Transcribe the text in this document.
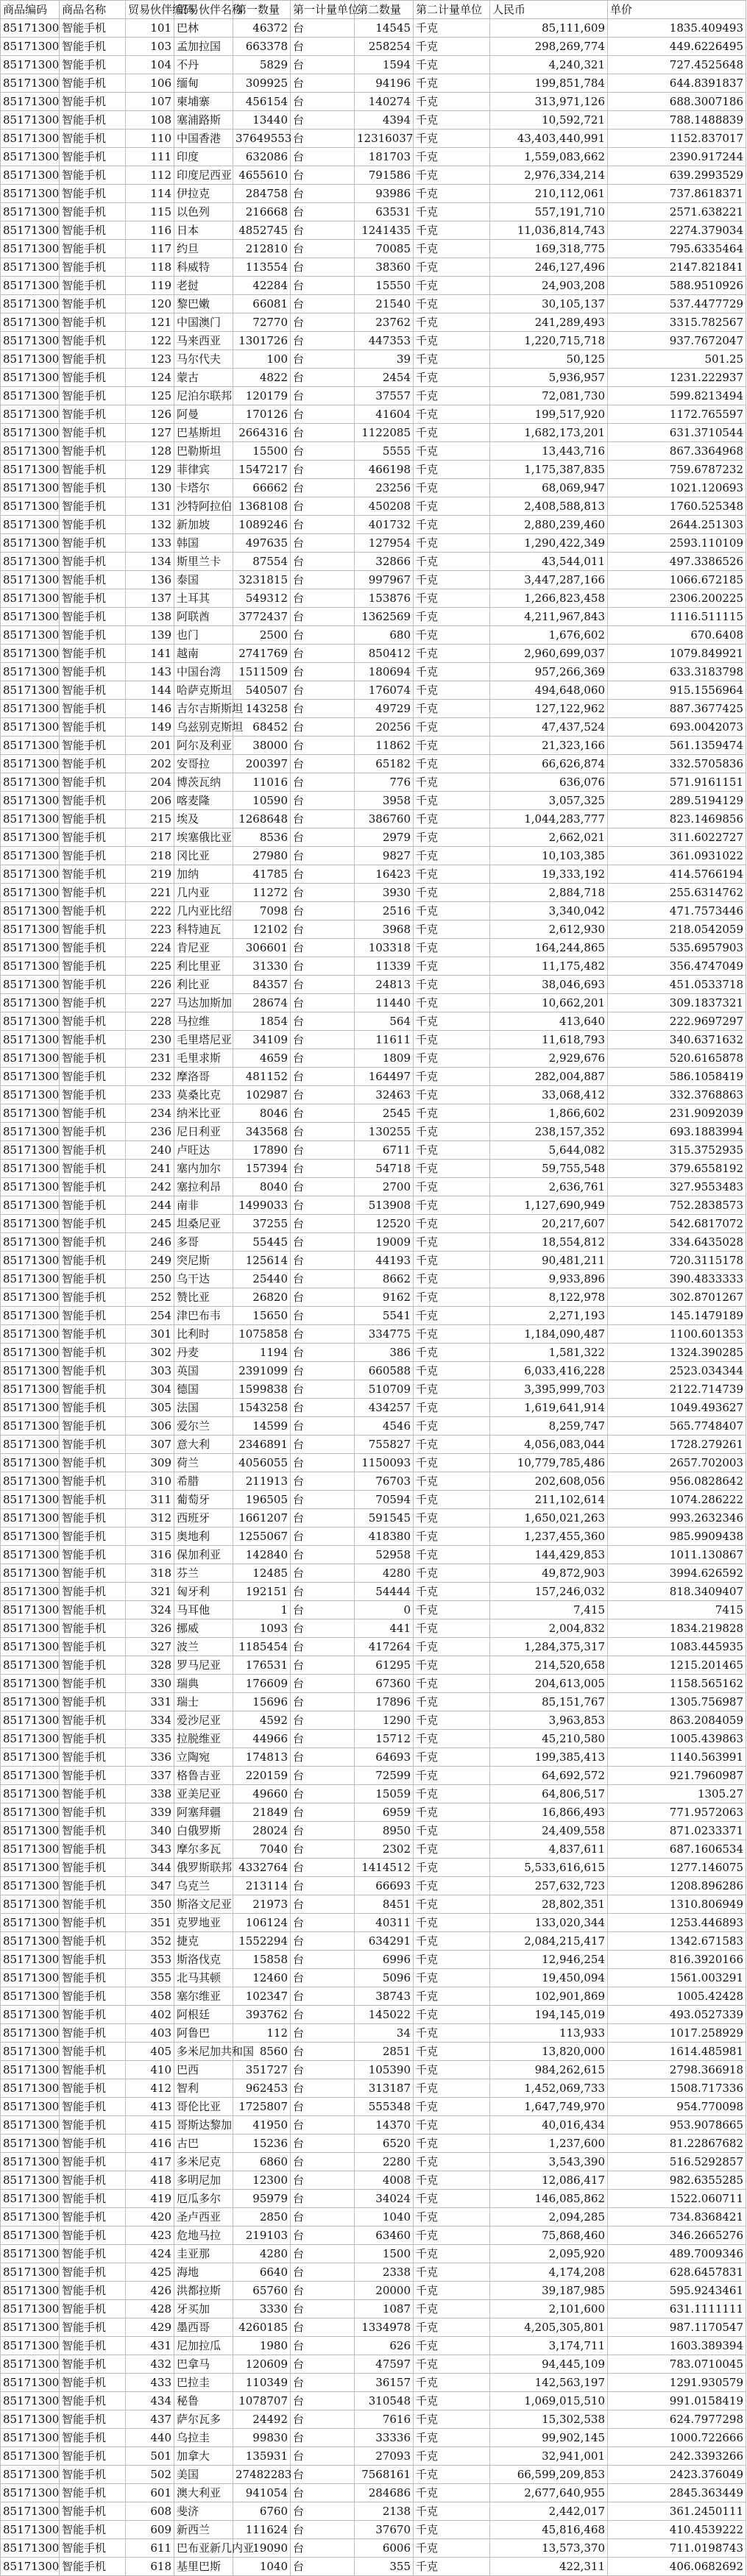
商品编码	商品名称	贸易伙伴编码	贸易伙伴名称	第一数量	第一计量单位	第二数量	第二计量单位	人民币	单价
85171300	智能手机	101	巴林	46372	台	14545	千克	85,111,609	1835.409493
85171300	智能手机	103	孟加拉国	663378	台	258254	千克	298,269,774	449.6226495
85171300	智能手机	104	不丹	5829	台	1594	千克	4,240,321	727.4525648
85171300	智能手机	106	缅甸	309925	台	94196	千克	199,851,784	644.8391837
85171300	智能手机	107	柬埔寨	456154	台	140274	千克	313,971,126	688.3007186
85171300	智能手机	108	塞浦路斯	13440	台	4394	千克	10,592,721	788.1488839
85171300	智能手机	110	中国香港	37649553	台	12316037	千克	43,403,440,991	1152.837017
85171300	智能手机	111	印度	632086	台	181703	千克	1,559,083,662	2390.917244
85171300	智能手机	112	印度尼西亚	4655610	台	791586	千克	2,976,334,214	639.2993529
85171300	智能手机	114	伊拉克	284758	台	93986	千克	210,112,061	737.8618371
85171300	智能手机	115	以色列	216668	台	63531	千克	557,191,710	2571.638221
85171300	智能手机	116	日本	4852745	台	1241435	千克	11,036,814,743	2274.379034
85171300	智能手机	117	约旦	212810	台	70085	千克	169,318,775	795.6335464
85171300	智能手机	118	科威特	113554	台	38360	千克	246,127,496	2147.821841
85171300	智能手机	119	老挝	42284	台	15550	千克	24,903,208	588.9510926
85171300	智能手机	120	黎巴嫩	66081	台	21540	千克	30,105,137	537.4477729
85171300	智能手机	121	中国澳门	72770	台	23762	千克	241,289,493	3315.782567
85171300	智能手机	122	马来西亚	1301726	台	447353	千克	1,220,715,718	937.7672047
85171300	智能手机	123	马尔代夫	100	台	39	千克	50,125	501.25
85171300	智能手机	124	蒙古	4822	台	2454	千克	5,936,957	1231.222937
85171300	智能手机	125	尼泊尔联邦	120179	台	37557	千克	72,081,730	599.8213494
85171300	智能手机	126	阿曼	170126	台	41604	千克	199,517,920	1172.765597
85171300	智能手机	127	巴基斯坦	2664316	台	1122085	千克	1,682,173,201	631.3710544
85171300	智能手机	128	巴勒斯坦	15500	台	5555	千克	13,443,716	867.3364968
85171300	智能手机	129	菲律宾	1547217	台	466198	千克	1,175,387,835	759.6787232
85171300	智能手机	130	卡塔尔	66662	台	23256	千克	68,069,947	1021.120693
85171300	智能手机	131	沙特阿拉伯	1368108	台	450208	千克	2,408,588,813	1760.525348
85171300	智能手机	132	新加坡	1089246	台	401732	千克	2,880,239,460	2644.251303
85171300	智能手机	133	韩国	497635	台	127954	千克	1,290,422,349	2593.110109
85171300	智能手机	134	斯里兰卡	87554	台	32866	千克	43,544,011	497.3386526
85171300	智能手机	136	泰国	3231815	台	997967	千克	3,447,287,166	1066.672185
85171300	智能手机	137	土耳其	549312	台	153876	千克	1,266,823,458	2306.200225
85171300	智能手机	138	阿联酋	3772437	台	1362569	千克	4,211,967,843	1116.511115
85171300	智能手机	139	也门	2500	台	680	千克	1,676,602	670.6408
85171300	智能手机	141	越南	2741769	台	850412	千克	2,960,699,037	1079.849921
85171300	智能手机	143	中国台湾	1511509	台	180694	千克	957,266,369	633.3183798
85171300	智能手机	144	哈萨克斯坦	540507	台	176074	千克	494,648,060	915.1556964
85171300	智能手机	146	吉尔吉斯斯坦	143258	台	49729	千克	127,122,962	887.3677425
85171300	智能手机	149	乌兹别克斯坦	68452	台	20256	千克	47,437,524	693.0042073
85171300	智能手机	201	阿尔及利亚	38000	台	11862	千克	21,323,166	561.1359474
85171300	智能手机	202	安哥拉	200397	台	65182	千克	66,626,874	332.5705836
85171300	智能手机	204	博茨瓦纳	11016	台	776	千克	636,076	571.9161151
85171300	智能手机	206	喀麦隆	10590	台	3958	千克	3,057,325	289.5194129
85171300	智能手机	215	埃及	1268648	台	386760	千克	1,044,283,777	823.1469856
85171300	智能手机	217	埃塞俄比亚	8536	台	2979	千克	2,662,021	311.6022727
85171300	智能手机	218	冈比亚	27980	台	9827	千克	10,103,385	361.0931022
85171300	智能手机	219	加纳	41785	台	16423	千克	19,333,192	414.5766194
85171300	智能手机	221	几内亚	11272	台	3930	千克	2,884,718	255.6314762
85171300	智能手机	222	几内亚比绍	7098	台	2516	千克	3,340,042	471.7573446
85171300	智能手机	223	科特迪瓦	12102	台	3968	千克	2,612,930	218.0542059
85171300	智能手机	224	肯尼亚	306601	台	103318	千克	164,244,865	535.6957903
85171300	智能手机	225	利比里亚	31330	台	11339	千克	11,175,482	356.4747049
85171300	智能手机	226	利比亚	84357	台	24813	千克	38,046,693	451.0533718
85171300	智能手机	227	马达加斯加	28674	台	11440	千克	10,662,201	309.1837321
85171300	智能手机	228	马拉维	1854	台	564	千克	413,640	222.9697297
85171300	智能手机	230	毛里塔尼亚	34109	台	11611	千克	11,618,793	340.6371632
85171300	智能手机	231	毛里求斯	4659	台	1809	千克	2,929,676	520.6165878
85171300	智能手机	232	摩洛哥	481152	台	164497	千克	282,004,887	586.1058419
85171300	智能手机	233	莫桑比克	102987	台	32463	千克	33,068,412	332.3768863
85171300	智能手机	234	纳米比亚	8046	台	2545	千克	1,866,602	231.9092039
85171300	智能手机	236	尼日利亚	343568	台	130255	千克	238,157,352	693.1883994
85171300	智能手机	240	卢旺达	17890	台	6711	千克	5,644,082	315.3752935
85171300	智能手机	241	塞内加尔	157394	台	54718	千克	59,755,548	379.6558192
85171300	智能手机	242	塞拉利昂	8040	台	2700	千克	2,636,761	327.9553483
85171300	智能手机	244	南非	1499033	台	513908	千克	1,127,690,949	752.2838573
85171300	智能手机	245	坦桑尼亚	37255	台	12520	千克	20,217,607	542.6817072
85171300	智能手机	246	多哥	55445	台	19009	千克	18,554,812	334.6435028
85171300	智能手机	249	突尼斯	125614	台	44193	千克	90,481,211	720.3115178
85171300	智能手机	250	乌干达	25440	台	8662	千克	9,933,896	390.4833333
85171300	智能手机	252	赞比亚	26820	台	9162	千克	8,122,978	302.8701267
85171300	智能手机	254	津巴布韦	15650	台	5541	千克	2,271,193	145.1479189
85171300	智能手机	301	比利时	1075858	台	334775	千克	1,184,090,487	1100.601353
85171300	智能手机	302	丹麦	1194	台	386	千克	1,581,322	1324.390285
85171300	智能手机	303	英国	2391099	台	660588	千克	6,033,416,228	2523.034344
85171300	智能手机	304	德国	1599838	台	510709	千克	3,395,999,703	2122.714739
85171300	智能手机	305	法国	1543258	台	434257	千克	1,619,641,914	1049.493627
85171300	智能手机	306	爱尔兰	14599	台	4546	千克	8,259,747	565.7748407
85171300	智能手机	307	意大利	2346891	台	755827	千克	4,056,083,044	1728.279261
85171300	智能手机	309	荷兰	4056055	台	1150093	千克	10,779,785,486	2657.702003
85171300	智能手机	310	希腊	211913	台	76703	千克	202,608,056	956.0828642
85171300	智能手机	311	葡萄牙	196505	台	70594	千克	211,102,614	1074.286222
85171300	智能手机	312	西班牙	1661207	台	591545	千克	1,650,021,263	993.2632346
85171300	智能手机	315	奥地利	1255067	台	418380	千克	1,237,455,360	985.9909438
85171300	智能手机	316	保加利亚	142840	台	52958	千克	144,429,853	1011.130867
85171300	智能手机	318	芬兰	12485	台	4280	千克	49,872,903	3994.626592
85171300	智能手机	321	匈牙利	192151	台	54444	千克	157,246,032	818.3409407
85171300	智能手机	324	马耳他	1	台	0	千克	7,415	7415
85171300	智能手机	326	挪威	1093	台	441	千克	2,004,832	1834.219828
85171300	智能手机	327	波兰	1185454	台	417264	千克	1,284,375,317	1083.445935
85171300	智能手机	328	罗马尼亚	176531	台	61295	千克	214,520,658	1215.201465
85171300	智能手机	330	瑞典	176609	台	67360	千克	204,613,005	1158.565162
85171300	智能手机	331	瑞士	15696	台	17896	千克	85,151,767	1305.756987
85171300	智能手机	334	爱沙尼亚	4592	台	1290	千克	3,963,853	863.2084059
85171300	智能手机	335	拉脱维亚	44966	台	15712	千克	45,210,580	1005.439863
85171300	智能手机	336	立陶宛	174813	台	64693	千克	199,385,413	1140.563991
85171300	智能手机	337	格鲁吉亚	220159	台	72599	千克	64,692,572	921.7960987
85171300	智能手机	338	亚美尼亚	49660	台	15059	千克	64,806,517	1305.27
85171300	智能手机	339	阿塞拜疆	21849	台	6959	千克	16,866,493	771.9572063
85171300	智能手机	340	白俄罗斯	28024	台	8950	千克	24,409,558	871.0233371
85171300	智能手机	343	摩尔多瓦	7040	台	2302	千克	4,837,611	687.1606534
85171300	智能手机	344	俄罗斯联邦	4332764	台	1414512	千克	5,533,616,615	1277.146075
85171300	智能手机	347	乌克兰	213114	台	66693	千克	257,632,723	1208.896286
85171300	智能手机	350	斯洛文尼亚	21973	台	8451	千克	28,802,351	1310.806949
85171300	智能手机	351	克罗地亚	106124	台	40311	千克	133,020,344	1253.446893
85171300	智能手机	352	捷克	1552294	台	634291	千克	2,084,215,417	1342.671583
85171300	智能手机	353	斯洛伐克	15858	台	6996	千克	12,946,254	816.3920166
85171300	智能手机	355	北马其顿	12460	台	5096	千克	19,450,094	1561.003291
85171300	智能手机	358	塞尔维亚	102347	台	38743	千克	102,901,869	1005.42428
85171300	智能手机	402	阿根廷	393762	台	145022	千克	194,145,019	493.0527339
85171300	智能手机	403	阿鲁巴	112	台	34	千克	113,933	1017.258929
85171300	智能手机	405	多米尼加共和国	8560	台	2851	千克	13,820,000	1614.485981
85171300	智能手机	410	巴西	351727	台	105390	千克	984,262,615	2798.366918
85171300	智能手机	412	智利	962453	台	313187	千克	1,452,069,733	1508.717336
85171300	智能手机	413	哥伦比亚	1725807	台	555348	千克	1,647,749,970	954.770098
85171300	智能手机	415	哥斯达黎加	41950	台	14370	千克	40,016,434	953.9078665
85171300	智能手机	416	古巴	15236	台	6520	千克	1,237,600	81.22867682
85171300	智能手机	417	多米尼克	6860	台	2280	千克	3,543,390	516.5292857
85171300	智能手机	418	多明尼加	12300	台	4008	千克	12,086,417	982.6355285
85171300	智能手机	419	厄瓜多尔	95979	台	34024	千克	146,085,862	1522.060711
85171300	智能手机	420	圣卢西亚	2850	台	1040	千克	2,094,285	734.8368421
85171300	智能手机	423	危地马拉	219103	台	63460	千克	75,868,460	346.2665276
85171300	智能手机	424	圭亚那	4280	台	1500	千克	2,095,920	489.7009346
85171300	智能手机	425	海地	6640	台	2338	千克	4,174,208	628.6457831
85171300	智能手机	426	洪都拉斯	65760	台	20000	千克	39,187,985	595.9243461
85171300	智能手机	428	牙买加	3330	台	1087	千克	2,101,600	631.1111111
85171300	智能手机	429	墨西哥	4260185	台	1334978	千克	4,205,305,801	987.1170547
85171300	智能手机	431	尼加拉瓜	1980	台	626	千克	3,174,711	1603.389394
85171300	智能手机	432	巴拿马	120609	台	47597	千克	94,445,109	783.0710045
85171300	智能手机	433	巴拉圭	110349	台	36157	千克	142,563,197	1291.930579
85171300	智能手机	434	秘鲁	1078707	台	310548	千克	1,069,015,510	991.0158419
85171300	智能手机	437	萨尔瓦多	24492	台	7616	千克	15,302,538	624.7977298
85171300	智能手机	440	乌拉圭	99830	台	33336	千克	99,902,145	1000.722666
85171300	智能手机	501	加拿大	135931	台	27093	千克	32,941,001	242.3393266
85171300	智能手机	502	美国	27482283	台	7568161	千克	66,599,209,853	2423.376049
85171300	智能手机	601	澳大利亚	941054	台	284686	千克	2,677,640,955	2845.363449
85171300	智能手机	608	斐济	6760	台	2138	千克	2,442,017	361.2450111
85171300	智能手机	609	新西兰	111624	台	37670	千克	45,816,468	410.4539222
85171300	智能手机	611	巴布亚新几内亚	19090	台	6006	千克	13,573,370	711.0198743
85171300	智能手机	618	基里巴斯	1040	台	355	千克	422,311	406.0682692
